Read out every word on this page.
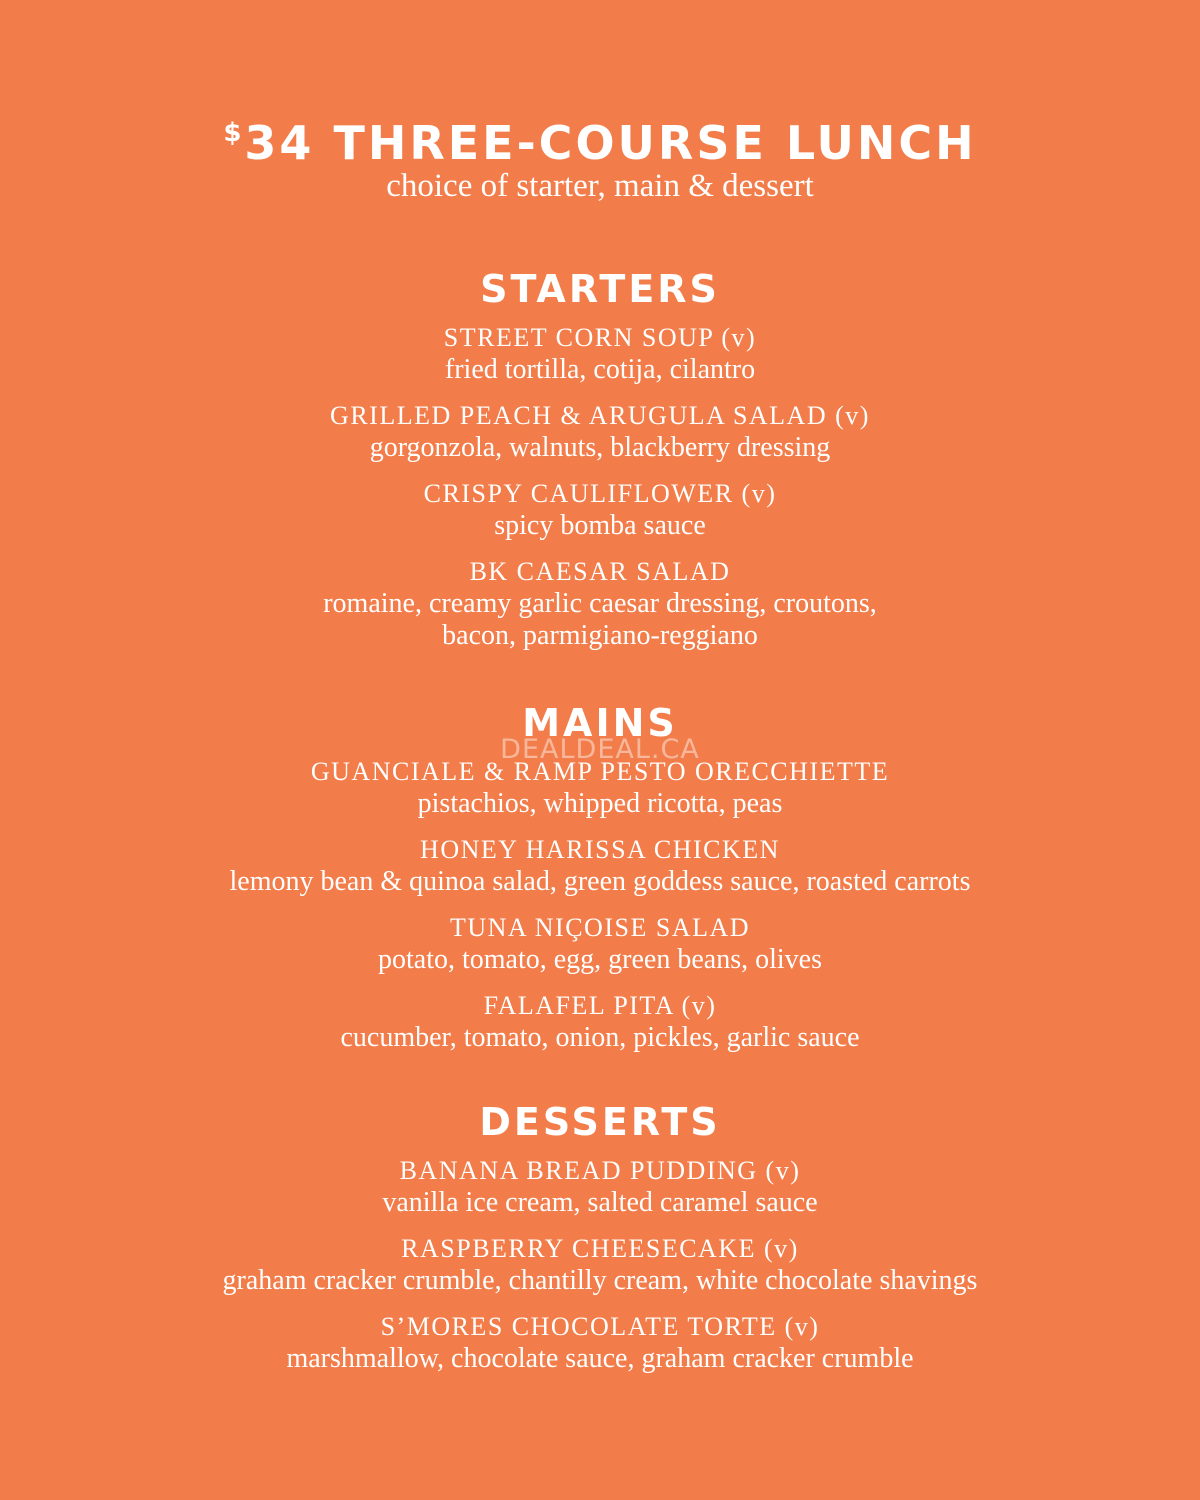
$34 THREE-COURSE LUNCH
choice of starter, main & dessert
STARTERS
STREET CORN SOUP (v)
fried tortilla, cotija, cilantro
GRILLED PEACH & ARUGULA SALAD (v)
gorgonzola, walnuts, blackberry dressing
CRISPY CAULIFLOWER (v)
spicy bomba sauce
BK CAESAR SALAD
romaine, creamy garlic caesar dressing, croutons,
bacon, parmigiano-reggiano
MAINS
GUANCIALE & RAMP PESTO ORECCHIETTE
pistachios, whipped ricotta, peas
HONEY HARISSA CHICKEN
lemony bean & quinoa salad, green goddess sauce, roasted carrots
TUNA NIÇOISE SALAD
potato, tomato, egg, green beans, olives
FALAFEL PITA (v)
cucumber, tomato, onion, pickles, garlic sauce
DESSERTS
BANANA BREAD PUDDING (v)
vanilla ice cream, salted caramel sauce
RASPBERRY CHEESECAKE (v)
graham cracker crumble, chantilly cream, white chocolate shavings
S’MORES CHOCOLATE TORTE (v)
marshmallow, chocolate sauce, graham cracker crumble
DEALDEAL.CA
